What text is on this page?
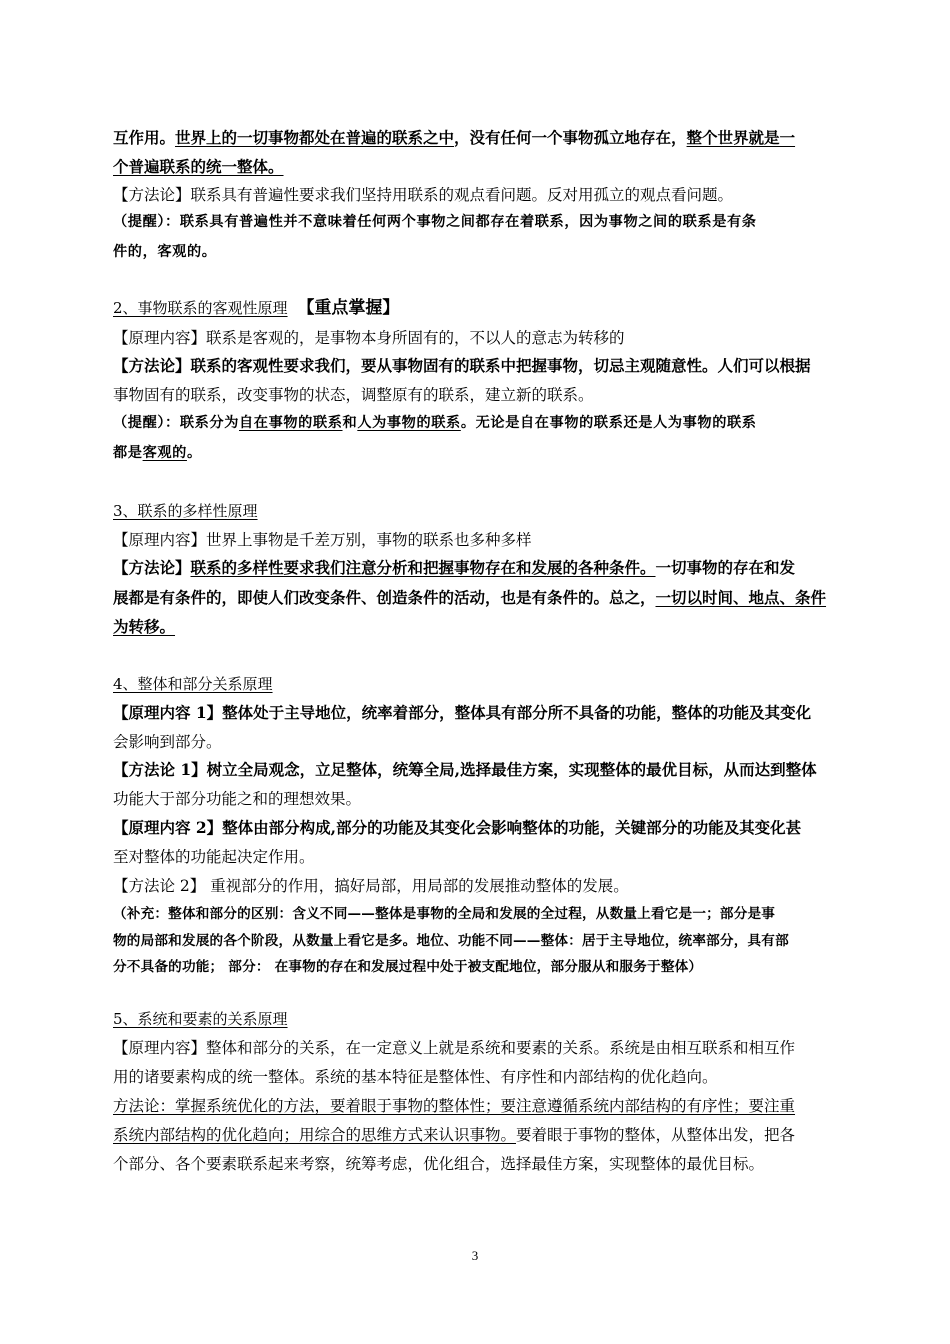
互作用。世界上的一切事物都处在普遍的联系之中，没有任何一个事物孤立地存在，整个世界就是一
个普遍联系的统一整体。
【方法论】联系具有普遍性要求我们坚持用联系的观点看问题。反对用孤立的观点看问题。
（提醒）：联系具有普遍性并不意味着任何两个事物之间都存在着联系，因为事物之间的联系是有条
件的，客观的。
2、事物联系的客观性原理 【重点掌握】
【原理内容】联系是客观的，是事物本身所固有的，不以人的意志为转移的
【方法论】联系的客观性要求我们，要从事物固有的联系中把握事物，切忌主观随意性。人们可以根据
事物固有的联系，改变事物的状态，调整原有的联系，建立新的联系。
（提醒）：联系分为自在事物的联系和人为事物的联系。无论是自在事物的联系还是人为事物的联系
都是客观的。
3、联系的多样性原理
【原理内容】世界上事物是千差万别，事物的联系也多种多样
【方法论】联系的多样性要求我们注意分析和把握事物存在和发展的各种条件。一切事物的存在和发
展都是有条件的，即使人们改变条件、创造条件的活动，也是有条件的。总之，一切以时间、地点、条件
为转移。
4、整体和部分关系原理
【原理内容 1】整体处于主导地位，统率着部分，整体具有部分所不具备的功能，整体的功能及其变化
会影响到部分。
【方法论 1】树立全局观念，立足整体，统筹全局,选择最佳方案，实现整体的最优目标，从而达到整体
功能大于部分功能之和的理想效果。
【原理内容 2】整体由部分构成,部分的功能及其变化会影响整体的功能，关键部分的功能及其变化甚
至对整体的功能起决定作用。
【方法论 2】 重视部分的作用，搞好局部，用局部的发展推动整体的发展。
（补充：整体和部分的区别：含义不同——整体是事物的全局和发展的全过程，从数量上看它是一；部分是事
物的局部和发展的各个阶段，从数量上看它是多。地位、功能不同——整体：居于主导地位，统率部分，具有部
分不具备的功能； 部分： 在事物的存在和发展过程中处于被支配地位，部分服从和服务于整体）
5、系统和要素的关系原理
【原理内容】整体和部分的关系，在一定意义上就是系统和要素的关系。系统是由相互联系和相互作
用的诸要素构成的统一整体。系统的基本特征是整体性、有序性和内部结构的优化趋向。
方法论：掌握系统优化的方法，要着眼于事物的整体性；要注意遵循系统内部结构的有序性；要注重
系统内部结构的优化趋向；用综合的思维方式来认识事物。要着眼于事物的整体，从整体出发，把各
个部分、各个要素联系起来考察，统筹考虑，优化组合，选择最佳方案，实现整体的最优目标。
3
